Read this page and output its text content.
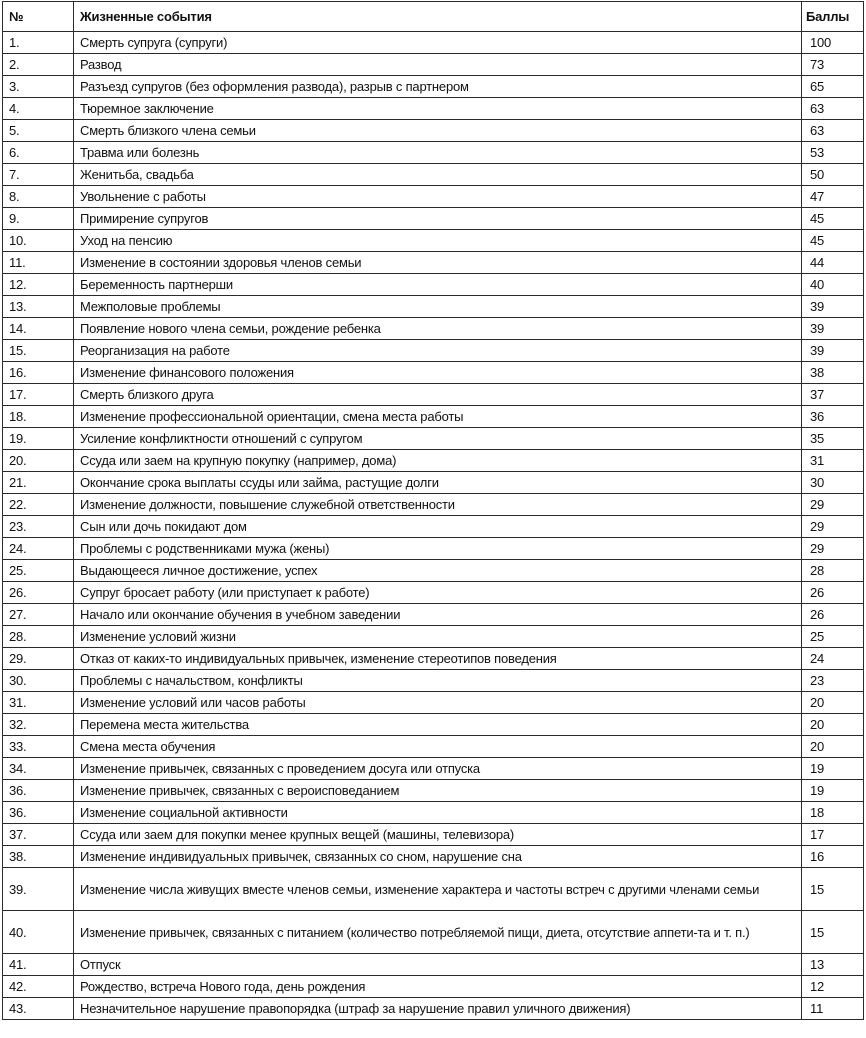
№	Жизненные события	Баллы
1.	Смерть супруга (супруги)	100
2.	Развод	73
3.	Разъезд супругов (без оформления развода), разрыв с партнером	65
4.	Тюремное заключение	63
5.	Смерть близкого члена семьи	63
6.	Травма или болезнь	53
7.	Женитьба, свадьба	50
8.	Увольнение с работы	47
9.	Примирение супругов	45
10.	Уход на пенсию	45
11.	Изменение в состоянии здоровья членов семьи	44
12.	Беременность партнерши	40
13.	Межполовые проблемы	39
14.	Появление нового члена семьи, рождение ребенка	39
15.	Реорганизация на работе	39
16.	Изменение финансового положения	38
17.	Смерть близкого друга	37
18.	Изменение профессиональной ориентации, смена места работы	36
19.	Усиление конфликтности отношений с супругом	35
20.	Ссуда или заем на крупную покупку (например, дома)	31
21.	Окончание срока выплаты ссуды или займа, растущие долги	30
22.	Изменение должности, повышение служебной ответственности	29
23.	Сын или дочь покидают дом	29
24.	Проблемы с родственниками мужа (жены)	29
25.	Выдающееся личное достижение, успех	28
26.	Супруг бросает работу (или приступает к работе)	26
27.	Начало или окончание обучения в учебном заведении	26
28.	Изменение условий жизни	25
29.	Отказ от каких-то индивидуальных привычек, изменение стереотипов поведения	24
30.	Проблемы с начальством, конфликты	23
31.	Изменение условий или часов работы	20
32.	Перемена места жительства	20
33.	Смена места обучения	20
34.	Изменение привычек, связанных с проведением досуга или отпуска	19
36.	Изменение привычек, связанных с вероисповеданием	19
36.	Изменение социальной активности	18
37.	Ссуда или заем для покупки менее крупных вещей (машины, телевизора)	17
38.	Изменение индивидуальных привычек, связанных со сном, нарушение сна	16
39.	Изменение числа живущих вместе членов семьи, изменение характера и частоты встреч с другими членами семьи	15
40.	Изменение привычек, связанных с питанием (количество потребляемой пищи, диета, отсутствие аппети-та и т. п.)	15
41.	Отпуск	13
42.	Рождество, встреча Нового года, день рождения	12
43.	Незначительное нарушение правопорядка (штраф за нарушение правил уличного движения)	11
